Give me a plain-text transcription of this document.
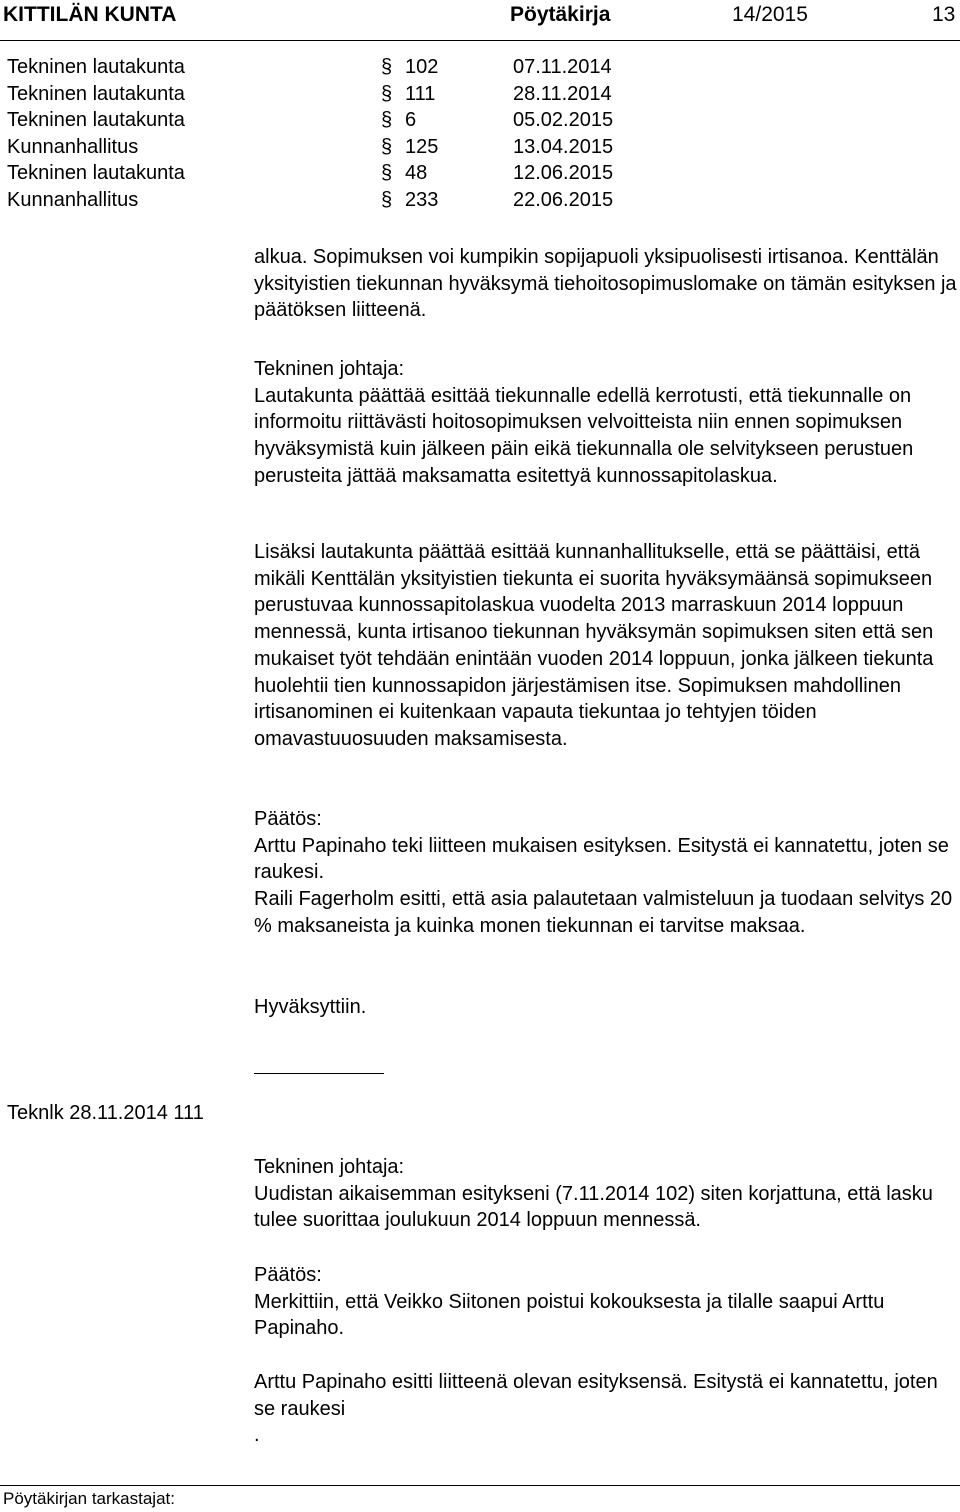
KITTILÄN KUNTA	Pöytäkirja	14/2015	13
Tekninen lautakunta	§ 102	07.11.2014
Tekninen lautakunta	§ 111	28.11.2014
Tekninen lautakunta	§ 6	05.02.2015
Kunnanhallitus	§ 125	13.04.2015
Tekninen lautakunta	§ 48	12.06.2015
Kunnanhallitus	§ 233	22.06.2015

alkua. Sopimuksen voi kumpikin sopijapuoli yksipuolisesti irtisanoa. Kenttälän yksityistien tiekunnan hyväksymä tiehoitosopimuslomake on tämän esityksen ja päätöksen liitteenä.

Tekninen johtaja:

Lautakunta päättää esittää tiekunnalle edellä kerrotusti, että tiekunnalle on informoitu riittävästi hoitosopimuksen velvoitteista niin ennen sopimuksen hyväksymistä kuin jälkeen päin eikä tiekunnalla ole selvitykseen perustuen perusteita jättää maksamatta esitettyä kunnossapitolaskua.

Lisäksi lautakunta päättää esittää kunnanhallitukselle, että se päättäisi, että mikäli Kenttälän yksityistien tiekunta ei suorita hyväksymäänsä sopimukseen perustuvaa kunnossapitolaskua vuodelta 2013 marraskuun 2014 loppuun mennessä, kunta irtisanoo tiekunnan hyväksymän sopimuksen siten että sen mukaiset työt tehdään enintään vuoden 2014 loppuun, jonka jälkeen tiekunta huolehtii tien kunnossapidon järjestämisen itse. Sopimuksen mahdollinen irtisanominen ei kuitenkaan vapauta tiekuntaa jo tehtyjen töiden omavastuuosuuden maksamisesta.

Päätös:

Arttu Papinaho teki liitteen mukaisen esityksen. Esitystä ei kannatettu, joten se raukesi.

Raili Fagerholm esitti, että asia palautetaan valmisteluun ja tuodaan selvitys 20 % maksaneista ja kuinka monen tiekunnan ei tarvitse maksaa.

Hyväksyttiin.

Teknlk 28.11.2014 111
Tekninen johtaja:

Uudistan aikaisemman esitykseni (7.11.2014 102) siten korjattuna, että lasku tulee suorittaa joulukuun 2014 loppuun mennessä.

Päätös:

Merkittiin, että Veikko Siitonen poistui kokouksesta ja tilalle saapui Arttu Papinaho.

Arttu Papinaho esitti liitteenä olevan esityksensä. Esitystä ei kannatettu, joten se raukesi

.

Pöytäkirjan tarkastajat:
